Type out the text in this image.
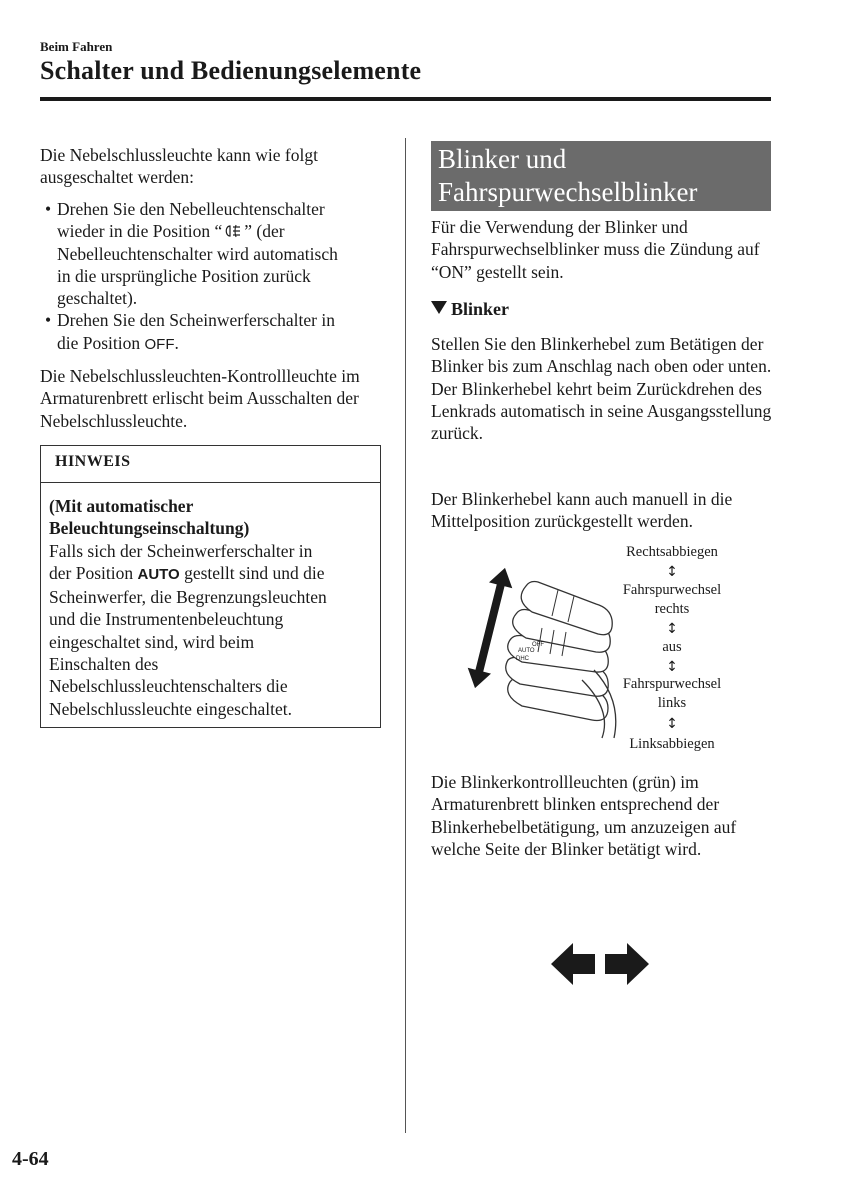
Beim Fahren
Schalter und Bedienungselemente

Die Nebelschlussleuchte kann wie folgt ausgeschaltet werden:

• Drehen Sie den Nebelleuchtenschalter
wieder in die Position “ ” (der
Nebelleuchtenschalter wird automatisch
in die ursprüngliche Position zurück
geschaltet).
• Drehen Sie den Scheinwerferschalter in
die Position OFF.

Die Nebelschlussleuchten-Kontrollleuchte im Armaturenbrett erlischt beim Ausschalten der Nebelschlussleuchte.

HINWEIS
(Mit automatischer
Beleuchtungseinschaltung)
Falls sich der Scheinwerferschalter in
der Position AUTO gestellt sind und die
Scheinwerfer, die Begrenzungsleuchten
und die Instrumentenbeleuchtung
eingeschaltet sind, wird beim
Einschalten des
Nebelschlussleuchtenschalters die
Nebelschlussleuchte eingeschaltet.
Blinker und
Fahrspurwechselblinker

Für die Verwendung der Blinker und Fahrspurwechselblinker muss die Zündung auf “ON” gestellt sein.

Blinker

Stellen Sie den Blinkerhebel zum Betätigen der Blinker bis zum Anschlag nach oben oder unten. Der Blinkerhebel kehrt beim Zurückdrehen des Lenkrads automatisch in seine Ausgangsstellung zurück.

Der Blinkerhebel kann auch manuell in die Mittelposition zurückgestellt werden.

OFF
AUTO
DHC
Rechtsabbiegen
↕
Fahrspurwechsel
rechts
↕
aus
↕
Fahrspurwechsel
links
↕
Linksabbiegen

Die Blinkerkontrollleuchten (grün) im Armaturenbrett blinken entsprechend der Blinkerhebelbetätigung, um anzuzeigen auf welche Seite der Blinker betätigt wird.

4-64
